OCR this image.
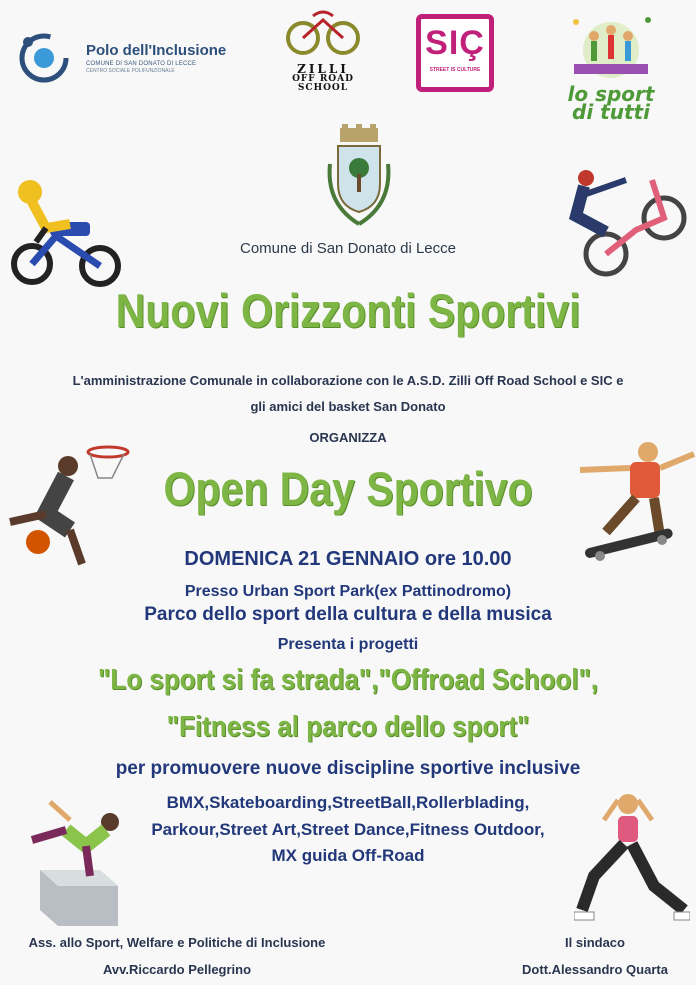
Polo dell'Inclusione
COMUNE DI SAN DONATO DI LECCE
CENTRO SOCIALE POLIFUNZIONALE	ZILLI
OFF ROAD
SCHOOL
SIÇ
STREET IS CULTURE
lo sport
di tutti
Comune di San Donato di Lecce
Nuovi Orizzonti Sportivi
L'amministrazione Comunale in collaborazione con le A.S.D. Zilli Off Road School e SIC e
gli amici del basket San Donato
ORGANIZZA
Open Day Sportivo
DOMENICA 21 GENNAIO ore 10.00
Presso Urban Sport Park(ex Pattinodromo)
Parco dello sport della cultura e della musica
Presenta i progetti
"Lo sport si fa strada","Offroad School",
"Fitness al parco dello sport"
per promuovere nuove discipline sportive inclusive
BMX,Skateboarding,StreetBall,Rollerblading,
Parkour,Street Art,Street Dance,Fitness Outdoor,
MX guida Off-Road
Ass. allo Sport, Welfare e Politiche di Inclusione
Avv.Riccardo Pellegrino
Il sindaco
Dott.Alessandro Quarta
